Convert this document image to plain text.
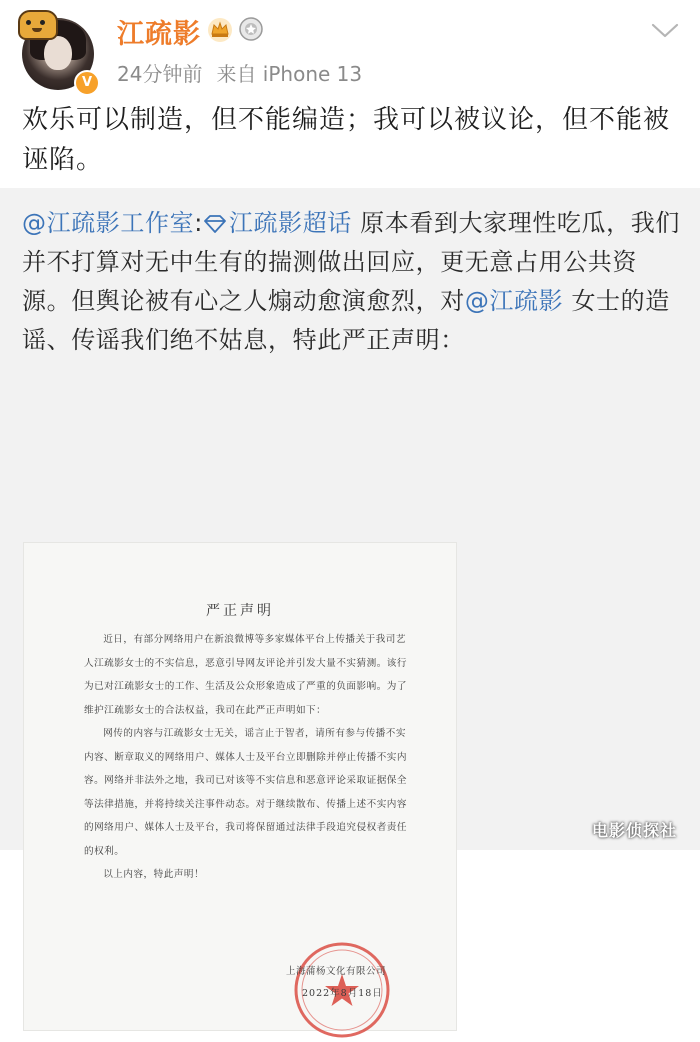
V
江疏影
24分钟前 来自 iPhone 13
欢乐可以制造，但不能编造；我可以被议论，但不能被诬陷。
@江疏影工作室: 江疏影超话 原本看到大家理性吃瓜，我们并不打算对无中生有的揣测做出回应，更无意占用公共资源。但舆论被有心之人煽动愈演愈烈，对@江疏影 女士的造谣、传谣我们绝不姑息，特此严正声明：
严正声明

近日，有部分网络用户在新浪微博等多家媒体平台上传播关于我司艺人江疏影女士的不实信息，恶意引导网友评论并引发大量不实猜测。该行为已对江疏影女士的工作、生活及公众形象造成了严重的负面影响。为了维护江疏影女士的合法权益，我司在此严正声明如下：

网传的内容与江疏影女士无关，谣言止于智者，请所有参与传播不实内容、断章取义的网络用户、媒体人士及平台立即删除并停止传播不实内容。网络并非法外之地，我司已对该等不实信息和恶意评论采取证据保全等法律措施，并将持续关注事件动态。对于继续散布、传播上述不实内容的网络用户、媒体人士及平台，我司将保留通过法律手段追究侵权者责任的权利。

以上内容，特此声明！

上海蒲杨文化有限公司
2022年8月18日
电影侦探社
